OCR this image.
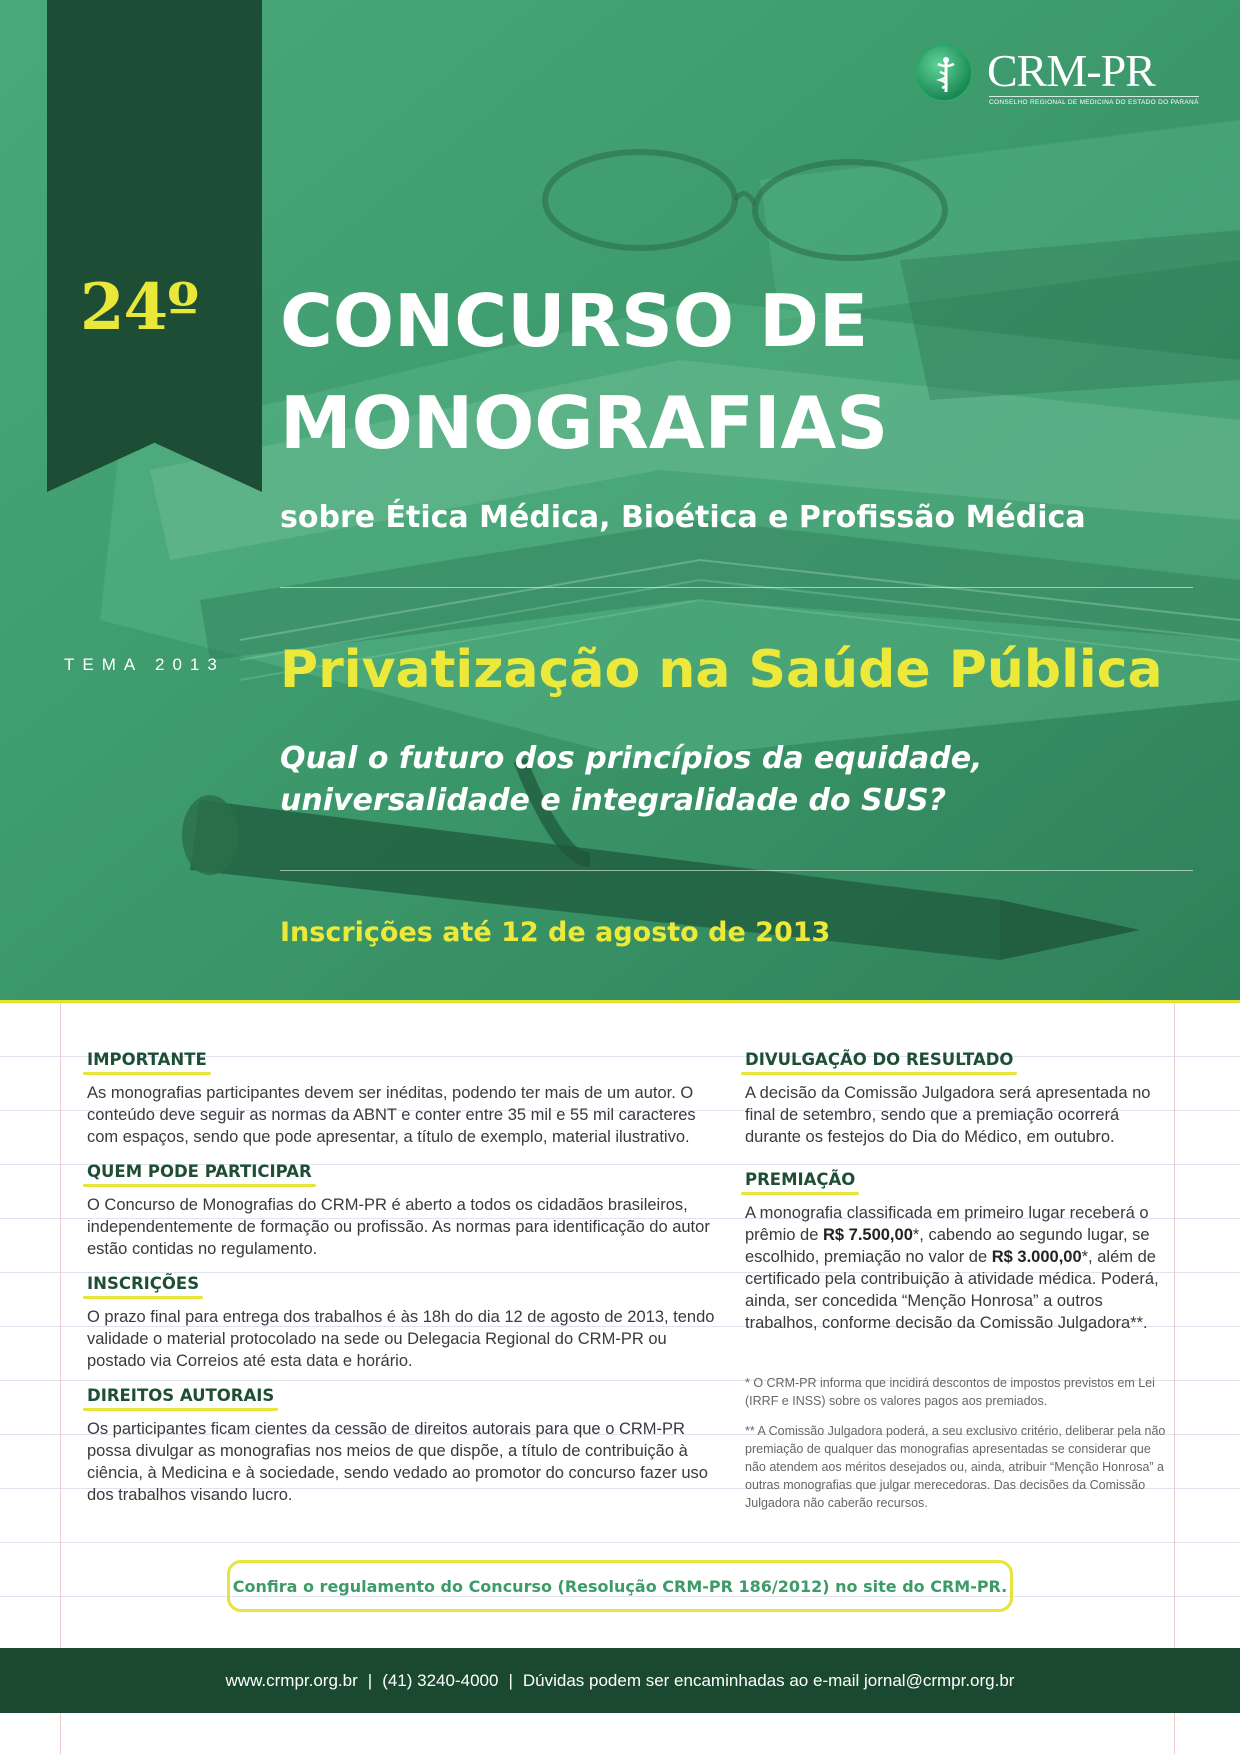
24º
CRM-PR
CONSELHO REGIONAL DE MEDICINA DO ESTADO DO PARANÁ
CONCURSO DE
MONOGRAFIAS
sobre Ética Médica, Bioética e Profissão Médica
TEMA 2013 Privatização na Saúde Pública
Qual o futuro dos princípios da equidade,
universalidade e integralidade do SUS?
Inscrições até 12 de agosto de 2013
IMPORTANTE
As monografias participantes devem ser inéditas, podendo ter mais de um autor. O conteúdo deve seguir as normas da ABNT e conter entre 35 mil e 55 mil caracteres com espaços, sendo que pode apresentar, a título de exemplo, material ilustrativo.
QUEM PODE PARTICIPAR
O Concurso de Monografias do CRM-PR é aberto a todos os cidadãos brasileiros, independentemente de formação ou profissão. As normas para identificação do autor estão contidas no regulamento.
INSCRIÇÕES
O prazo final para entrega dos trabalhos é às 18h do dia 12 de agosto de 2013, tendo validade o material protocolado na sede ou Delegacia Regional do CRM-PR ou postado via Correios até esta data e horário.
DIREITOS AUTORAIS
Os participantes ficam cientes da cessão de direitos autorais para que o CRM-PR possa divulgar as monografias nos meios de que dispõe, a título de contribuição à ciência, à Medicina e à sociedade, sendo vedado ao promotor do concurso fazer uso dos trabalhos visando lucro.
DIVULGAÇÃO DO RESULTADO
A decisão da Comissão Julgadora será apresentada no final de setembro, sendo que a premiação ocorrerá durante os festejos do Dia do Médico, em outubro.
PREMIAÇÃO
A monografia classificada em primeiro lugar receberá o prêmio de R$ 7.500,00*, cabendo ao segundo lugar, se escolhido, premiação no valor de R$ 3.000,00*, além de certificado pela contribuição à atividade médica. Poderá, ainda, ser concedida “Menção Honrosa” a outros trabalhos, conforme decisão da Comissão Julgadora**.
* O CRM-PR informa que incidirá descontos de impostos previstos em Lei (IRRF e INSS) sobre os valores pagos aos premiados.
** A Comissão Julgadora poderá, a seu exclusivo critério, deliberar pela não premiação de qualquer das monografias apresentadas se considerar que não atendem aos méritos desejados ou, ainda, atribuir “Menção Honrosa” a outras monografias que julgar merecedoras. Das decisões da Comissão Julgadora não caberão recursos.
Confira o regulamento do Concurso (Resolução CRM-PR 186/2012) no site do CRM-PR.
www.crmpr.org.br | (41) 3240-4000 | Dúvidas podem ser encaminhadas ao e-mail jornal@crmpr.org.br
